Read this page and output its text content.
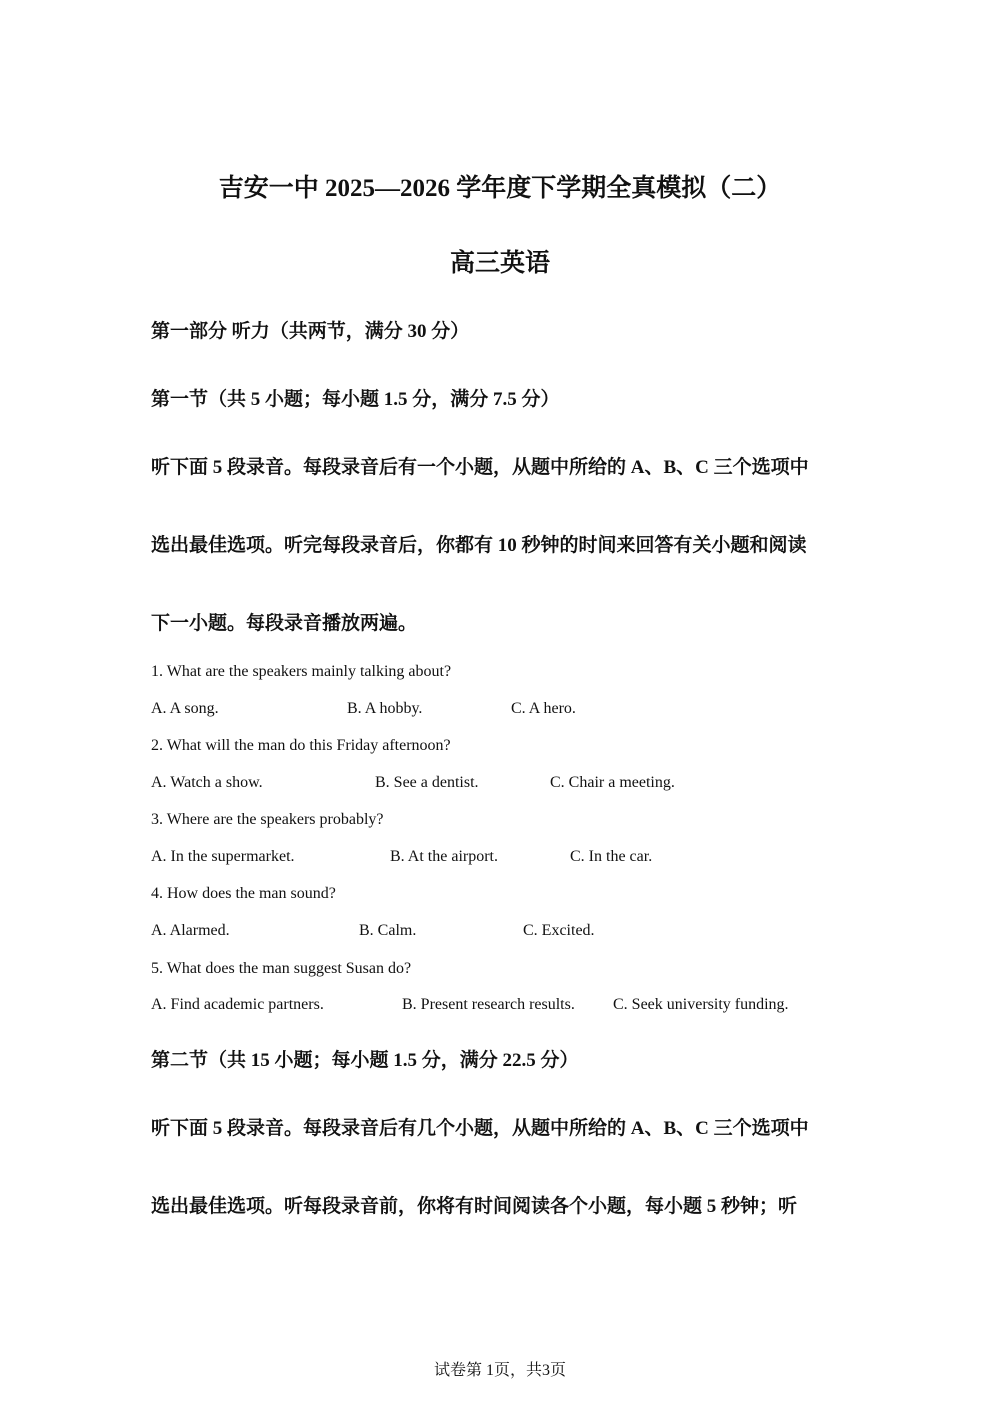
吉安一中 2025—2026 学年度下学期全真模拟（二）
高三英语
第一部分 听力（共两节，满分 30 分）
第一节（共 5 小题；每小题 1.5 分，满分 7.5 分）
听下面 5 段录音。每段录音后有一个小题，从题中所给的 A、B、C 三个选项中
选出最佳选项。听完每段录音后，你都有 10 秒钟的时间来回答有关小题和阅读
下一小题。每段录音播放两遍。
1. What are the speakers mainly talking about?
A. A song.	B. A hobby.	C. A hero.
2. What will the man do this Friday afternoon?
A. Watch a show.	B. See a dentist.	C. Chair a meeting.
3. Where are the speakers probably?
A. In the supermarket.	B. At the airport.	C. In the car.
4. How does the man sound?
A. Alarmed.	B. Calm.	C. Excited.
5. What does the man suggest Susan do?
A. Find academic partners.	B. Present research results. C. Seek university funding.
第二节（共 15 小题；每小题 1.5 分，满分 22.5 分）
听下面 5 段录音。每段录音后有几个小题，从题中所给的 A、B、C 三个选项中
选出最佳选项。听每段录音前，你将有时间阅读各个小题，每小题 5 秒钟；听
试卷第 1页，共3页
